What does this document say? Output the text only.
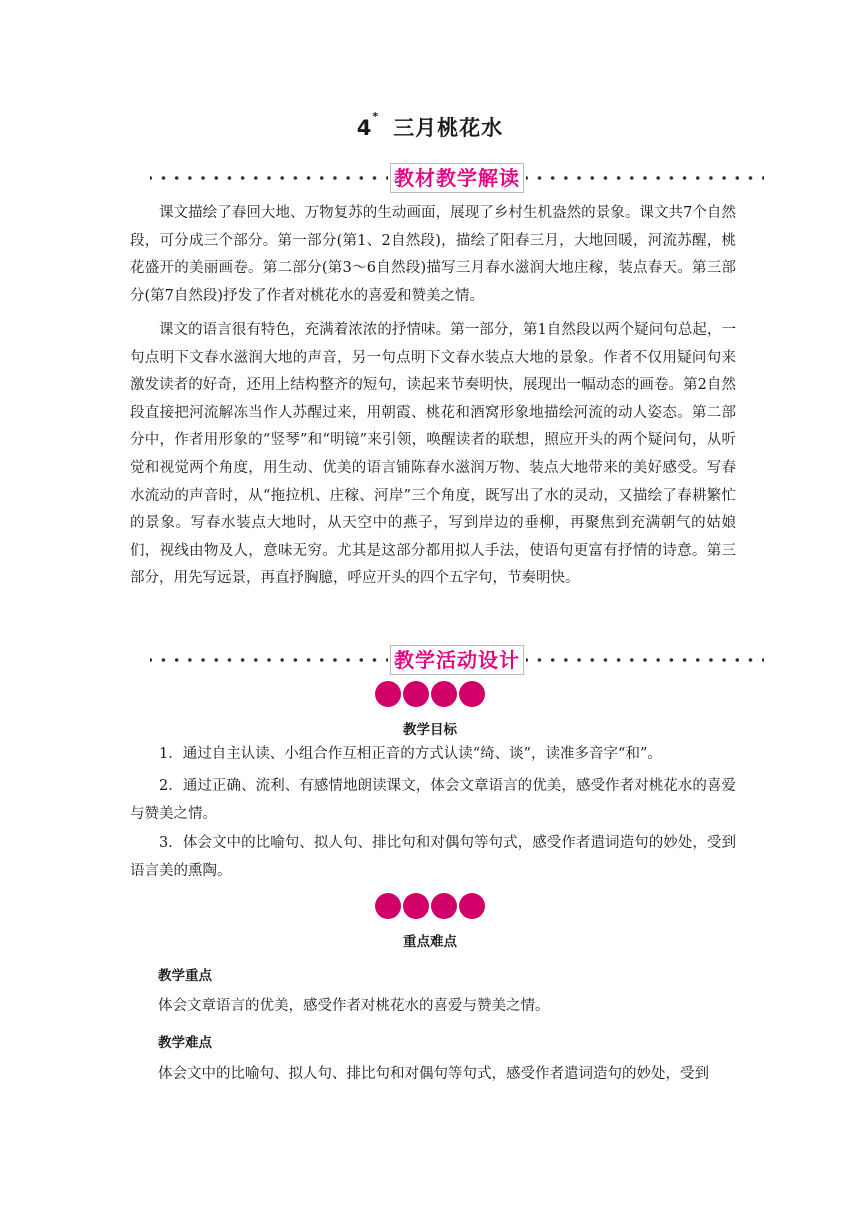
4* 三月桃花水
教材教学解读

课文描绘了春回大地、万物复苏的生动画面，展现了乡村生机盎然的景象。课文共7个自然段，可分成三个部分。第一部分(第1、2自然段)，描绘了阳春三月，大地回暖，河流苏醒，桃花盛开的美丽画卷。第二部分(第3～6自然段)描写三月春水滋润大地庄稼，装点春天。第三部分(第7自然段)抒发了作者对桃花水的喜爱和赞美之情。

课文的语言很有特色，充满着浓浓的抒情味。第一部分，第1自然段以两个疑问句总起，一句点明下文春水滋润大地的声音，另一句点明下文春水装点大地的景象。作者不仅用疑问句来激发读者的好奇，还用上结构整齐的短句，读起来节奏明快，展现出一幅动态的画卷。第2自然段直接把河流解冻当作人苏醒过来，用朝霞、桃花和酒窝形象地描绘河流的动人姿态。第二部分中，作者用形象的“竖琴”和“明镜”来引领，唤醒读者的联想，照应开头的两个疑问句，从听觉和视觉两个角度，用生动、优美的语言铺陈春水滋润万物、装点大地带来的美好感受。写春水流动的声音时，从“拖拉机、庄稼、河岸”三个角度，既写出了水的灵动，又描绘了春耕繁忙的景象。写春水装点大地时，从天空中的燕子，写到岸边的垂柳，再聚焦到充满朝气的姑娘们，视线由物及人，意味无穷。尤其是这部分都用拟人手法，使语句更富有抒情的诗意。第三部分，用先写远景，再直抒胸臆，呼应开头的四个五字句，节奏明快。

教学活动设计
教学目标

1．通过自主认读、小组合作互相正音的方式认读“绮、谈”，读准多音字“和”。

2．通过正确、流利、有感情地朗读课文，体会文章语言的优美，感受作者对桃花水的喜爱与赞美之情。

3．体会文中的比喻句、拟人句、排比句和对偶句等句式，感受作者遣词造句的妙处，受到语言美的熏陶。

重点难点
教学重点

体会文章语言的优美，感受作者对桃花水的喜爱与赞美之情。

教学难点

体会文中的比喻句、拟人句、排比句和对偶句等句式，感受作者遣词造句的妙处，受到
